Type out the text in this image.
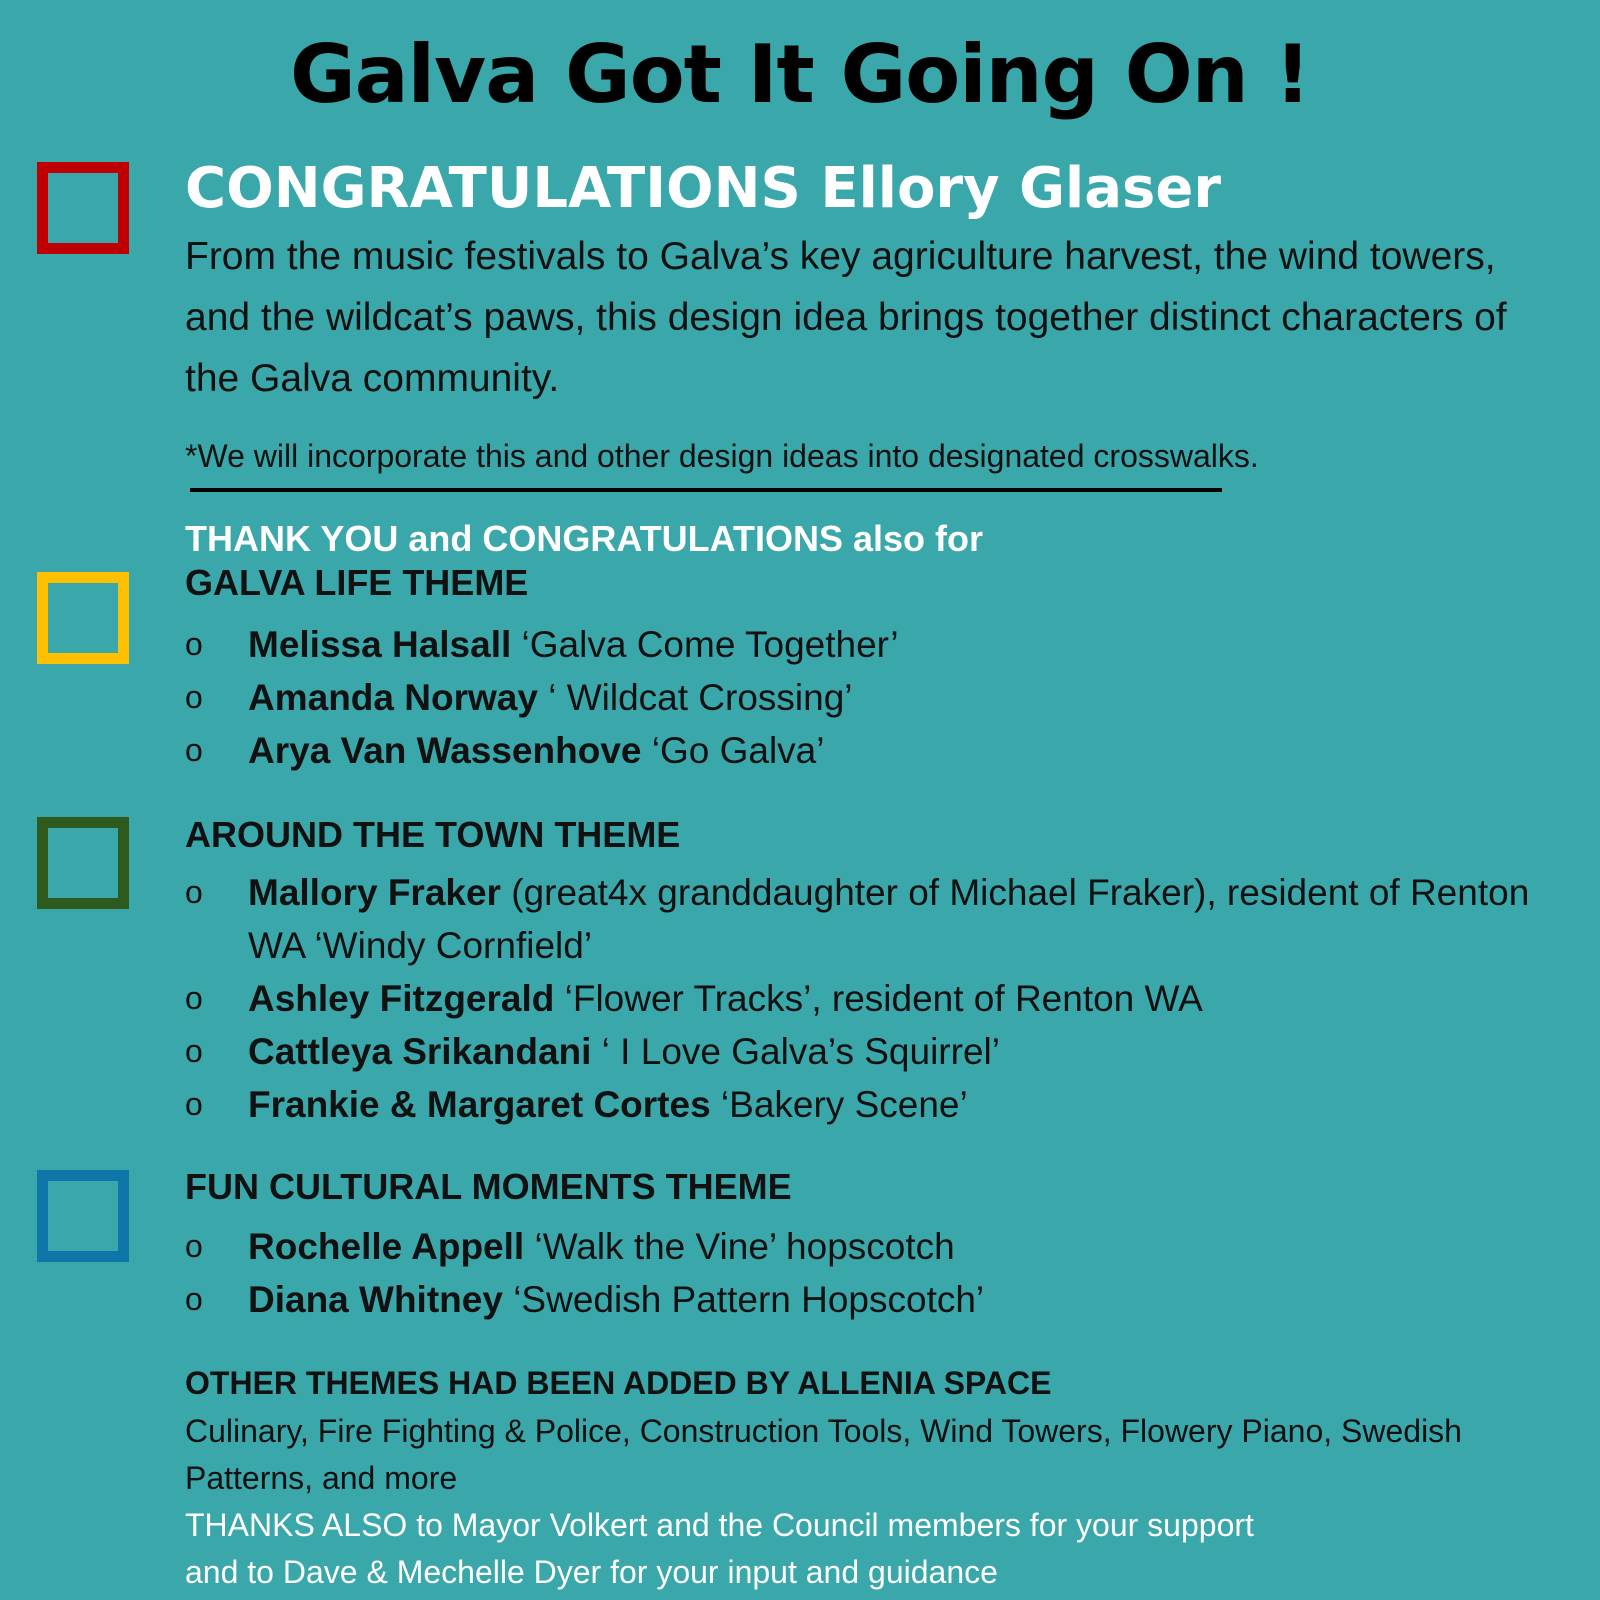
Galva Got It Going On !
CONGRATULATIONS Ellory Glaser
From the music festivals to Galva’s key agriculture harvest, the wind towers, and the wildcat’s paws, this design idea brings together distinct characters of the Galva community.
*We will incorporate this and other design ideas into designated crosswalks.
THANK YOU and CONGRATULATIONS also for
GALVA LIFE THEME
o Melissa Halsall ‘Galva Come Together’
o Amanda Norway ‘ Wildcat Crossing’
o Arya Van Wassenhove ‘Go Galva’
AROUND THE TOWN THEME
o Mallory Fraker (great4x granddaughter of Michael Fraker), resident of Renton WA ‘Windy Cornfield’
o Ashley Fitzgerald ‘Flower Tracks’, resident of Renton WA
o Cattleya Srikandani ‘ I Love Galva’s Squirrel’
o Frankie & Margaret Cortes ‘Bakery Scene’
FUN CULTURAL MOMENTS THEME
o Rochelle Appell ‘Walk the Vine’ hopscotch
o Diana Whitney ‘Swedish Pattern Hopscotch’
OTHER THEMES HAD BEEN ADDED BY ALLENIA SPACE
Culinary, Fire Fighting & Police, Construction Tools, Wind Towers, Flowery Piano, Swedish Patterns, and more
THANKS ALSO to Mayor Volkert and the Council members for your support
and to Dave & Mechelle Dyer for your input and guidance
